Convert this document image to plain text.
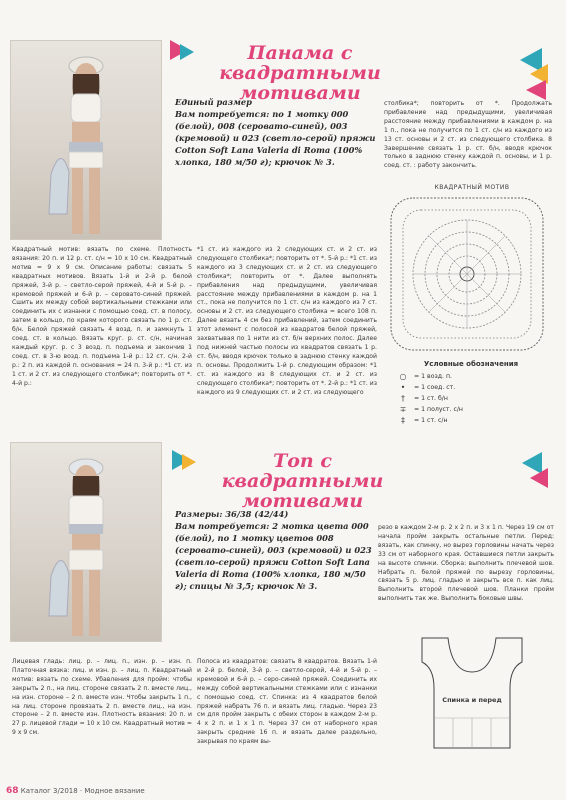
Панама с квадратными мотивами
Единый размер
Вам потребуется: по 1 мотку 000 (белой), 008 (серовато-синей), 003 (кремовой) и 023 (светло-серой) пряжи Cotton Soft Lana Valeria di Roma (100% хлопка, 180 м/50 г); крючок № 3.
столбика*; повторить от *. Продолжать прибавление над предыдущими, увеличивая расстояние между прибавлениями в каждом р. на 1 п., пока не получится по 1 ст. с/н из каждого из 13 ст. основы и 2 ст. из следующего столбика. 8 Завершение связать 1 р. ст. б/н, вводя крючок только в заднюю стенку каждой п. основы, и 1 р. соед. ст. : работу закончить.
КВАДРАТНЫЙ МОТИВ
Квадратный мотив: вязать по схеме. Плотность вязания: 20 п. и 12 р. ст. с/н = 10 x 10 см. Квадратный мотив = 9 x 9 см. Описание работы: связать 5 квадратных мотивов. Вязать 1-й и 2-й р. белой пряжей, 3-й р. – светло-серой пряжей, 4-й и 5-й р. – кремовой пряжей и 6-й р. – серовато-синей пряжей. Сшить их между собой вертикальными стежками или соединить их с изнанки с помощью соед. ст. в полосу, затем в кольцо, по краям которого связать по 1 р. ст. б/н. Белой пряжей связать 4 возд. п. и замкнуть 1 соед. ст. в кольцо. Вязать круг. р. ст. с/н, начиная каждый круг. р. с 3 возд. п. подъема и закончив 1 соед. ст. в 3-ю возд. п. подъема 1-й р.: 12 ст. с/н. 2-й р.: 2 п. из каждой п. основания = 24 п. 3-й р.: *1 ст. из 1 ст. и 2 ст. из следующего столбика*; повторить от *. 4-й р.:
*1 ст. из каждого из 2 следующих ст. и 2 ст. из следующего столбика*; повторить от *. 5-й р.: *1 ст. из каждого из 3 следующих ст. и 2 ст. из следующего столбика*; повторить от *. Далее выполнять прибавления над предыдущими, увеличивая расстояние между прибавлениями в каждом р. на 1 ст., пока не получится по 1 ст. с/н из каждого из 7 ст. основы и 2 ст. из следующего столбика = всего 108 п. Далее вязать 4 см без прибавлений, затем соединить этот элемент с полосой из квадратов белой пряжей, захватывая по 1 нити из ст. б/н верхних полос. Далее под нижней частью полосы из квадратов связать 1 р. ст. б/н, вводя крючок только в заднюю стенку каждой п. основы. Продолжить 1-й р. следующим образом: *1 ст. из каждого из 8 следующих ст. и 2 ст. из следующего столбика*; повторить от *. 2-й р.: *1 ст. из каждого из 9 следующих ст. и 2 ст. из следующего
Условные обозначения
○	= 1 возд. п.
•	= 1 соед. ст.
†	= 1 ст. б/н
∓	= 1 полуст. с/н
‡	= 1 ст. с/н
Топ с квадратными мотивами
Размеры: 36/38 (42/44)
Вам потребуется: 2 мотка цвета 000 (белой), по 1 мотку цветов 008 (серовато-синей), 003 (кремовой) и 023 (светло-серой) пряжи Cotton Soft Lana Valeria di Roma (100% хлопка, 180 м/50 г); спицы № 3,5; крючок № 3.
резо в каждом 2-м р. 2 x 2 п. и 3 x 1 п. Через 19 см от начала пройм закрыть остальные петли. Перед: вязать, как спинку, но вырез горловины начать через 33 см от наборного края. Оставшиеся петли закрыть на высоте спинки. Сборка: выполнить плечевой шов. Набрать п. белой пряжей по вырезу горловины, связать 5 р. лиц. гладью и закрыть все п. как лиц. Выполнить второй плечевой шов. Планки пройм выполнить так же. Выполнить боковые швы.
Спинка и перед
Лицевая гладь: лиц. р. – лиц. п., изн. р. – изн. п. Платочная вязка: лиц. и изн. р. – лиц. п. Квадратный мотив: вязать по схеме. Убавления для пройм: чтобы закрыть 2 п., на лиц. стороне связать 2 п. вместе лиц., на изн. стороне – 2 п. вместе изн. Чтобы закрыть 1 п., на лиц. стороне провязать 2 п. вместе лиц., на изн. стороне – 2 п. вместе изн. Плотность вязания: 20 п. и 27 р. лицевой глади = 10 x 10 см. Квадратный мотив = 9 x 9 см.
Полоса из квадратов: связать 8 квадратов. Вязать 1-й и 2-й р. белой, 3-й р. – светло-серой, 4-й и 5-й р. – кремовой и 6-й р. – серо-синей пряжей. Соединить их между собой вертикальными стежками или с изнанки с помощью соед. ст. Спинка: из 4 квадратов белой пряжей набрать 76 п. и вязать лиц. гладью. Через 23 см для пройм закрыть с обеих сторон в каждом 2-м р. 4 x 2 п. и 1 x 1 п. Через 37 см от наборного края закрыть средние 16 п. и вязать далее раздельно, закрывая по краям вы-
68 Каталог 3/2018 · Модное вязание
